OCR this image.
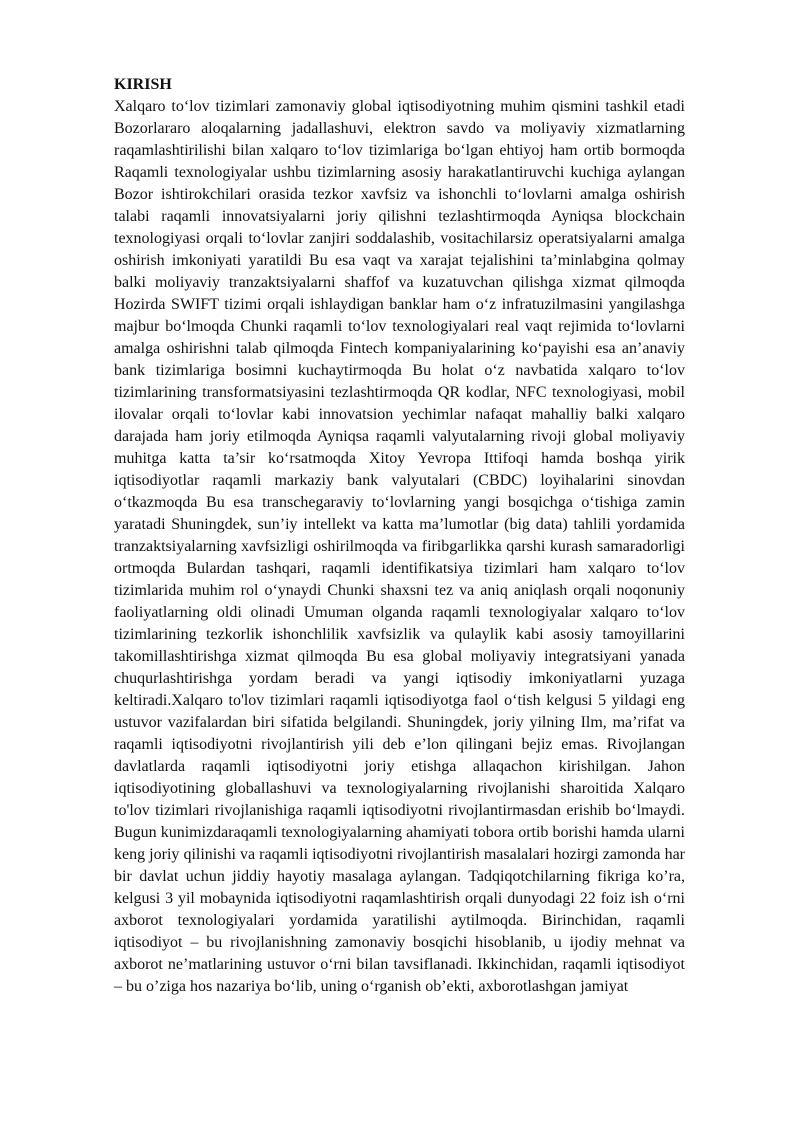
KIRISH

Xalqaro to‘lov tizimlari zamonaviy global iqtisodiyotning muhim qismini tashkil etadi Bozorlararo aloqalarning jadallashuvi, elektron savdo va moliyaviy xizmatlarning raqamlashtirilishi bilan xalqaro to‘lov tizimlariga bo‘lgan ehtiyoj ham ortib bormoqda Raqamli texnologiyalar ushbu tizimlarning asosiy harakatlantiruvchi kuchiga aylangan Bozor ishtirokchilari orasida tezkor xavfsiz va ishonchli to‘lovlarni amalga oshirish talabi raqamli innovatsiyalarni joriy qilishni tezlashtirmoqda Ayniqsa blockchain texnologiyasi orqali to‘lovlar zanjiri soddalashib, vositachilarsiz operatsiyalarni amalga oshirish imkoniyati yaratildi Bu esa vaqt va xarajat tejalishini ta’minlabgina qolmay balki moliyaviy tranzaktsiyalarni shaffof va kuzatuvchan qilishga xizmat qilmoqda Hozirda SWIFT tizimi orqali ishlaydigan banklar ham o‘z infratuzilmasini yangilashga majbur bo‘lmoqda Chunki raqamli to‘lov texnologiyalari real vaqt rejimida to‘lovlarni amalga oshirishni talab qilmoqda Fintech kompaniyalarining ko‘payishi esa an’anaviy bank tizimlariga bosimni kuchaytirmoqda Bu holat o‘z navbatida xalqaro to‘lov tizimlarining transformatsiyasini tezlashtirmoqda QR kodlar, NFC texnologiyasi, mobil ilovalar orqali to‘lovlar kabi innovatsion yechimlar nafaqat mahalliy balki xalqaro darajada ham joriy etilmoqda Ayniqsa raqamli valyutalarning rivoji global moliyaviy muhitga katta ta’sir ko‘rsatmoqda Xitoy Yevropa Ittifoqi hamda boshqa yirik iqtisodiyotlar raqamli markaziy bank valyutalari (CBDC) loyihalarini sinovdan o‘tkazmoqda Bu esa transchegaraviy to‘lovlarning yangi bosqichga o‘tishiga zamin yaratadi Shuningdek, sun’iy intellekt va katta ma’lumotlar (big data) tahlili yordamida tranzaktsiyalarning xavfsizligi oshirilmoqda va firibgarlikka qarshi kurash samaradorligi ortmoqda Bulardan tashqari, raqamli identifikatsiya tizimlari ham xalqaro to‘lov tizimlarida muhim rol o‘ynaydi Chunki shaxsni tez va aniq aniqlash orqali noqonuniy faoliyatlarning oldi olinadi Umuman olganda raqamli texnologiyalar xalqaro to‘lov tizimlarining tezkorlik ishonchlilik xavfsizlik va qulaylik kabi asosiy tamoyillarini takomillashtirishga xizmat qilmoqda Bu esa global moliyaviy integratsiyani yanada chuqurlashtirishga yordam beradi va yangi iqtisodiy imkoniyatlarni yuzaga keltiradi.Xalqaro to'lov tizimlari raqamli iqtisodiyotga faol o‘tish kelgusi 5 yildagi eng ustuvor vazifalardan biri sifatida belgilandi. Shuningdek, joriy yilning Ilm, ma’rifat va raqamli iqtisodiyotni rivojlantirish yili deb e’lon qilingani bejiz emas. Rivojlangan davlatlarda raqamli iqtisodiyotni joriy etishga allaqachon kirishilgan. Jahon iqtisodiyotining globallashuvi va texnologiyalarning rivojlanishi sharoitida Xalqaro to'lov tizimlari rivojlanishiga raqamli iqtisodiyotni rivojlantirmasdan erishib bo‘lmaydi. Bugun kunimizdaraqamli texnologiyalarning ahamiyati tobora ortib borishi hamda ularni keng joriy qilinishi va raqamli iqtisodiyotni rivojlantirish masalalari hozirgi zamonda har bir davlat uchun jiddiy hayotiy masalaga aylangan. Tadqiqotchilarning fikriga ko’ra, kelgusi 3 yil mobaynida iqtisodiyotni raqamlashtirish orqali dunyodagi 22 foiz ish o‘rni axborot texnologiyalari yordamida yaratilishi aytilmoqda. Birinchidan, raqamli iqtisodiyot – bu rivojlanishning zamonaviy bosqichi hisoblanib, u ijodiy mehnat va axborot ne’matlarining ustuvor o‘rni bilan tavsiflanadi. Ikkinchidan, raqamli iqtisodiyot – bu o’ziga hos nazariya bo‘lib, uning o‘rganish ob’ekti, axborotlashgan jamiyat
